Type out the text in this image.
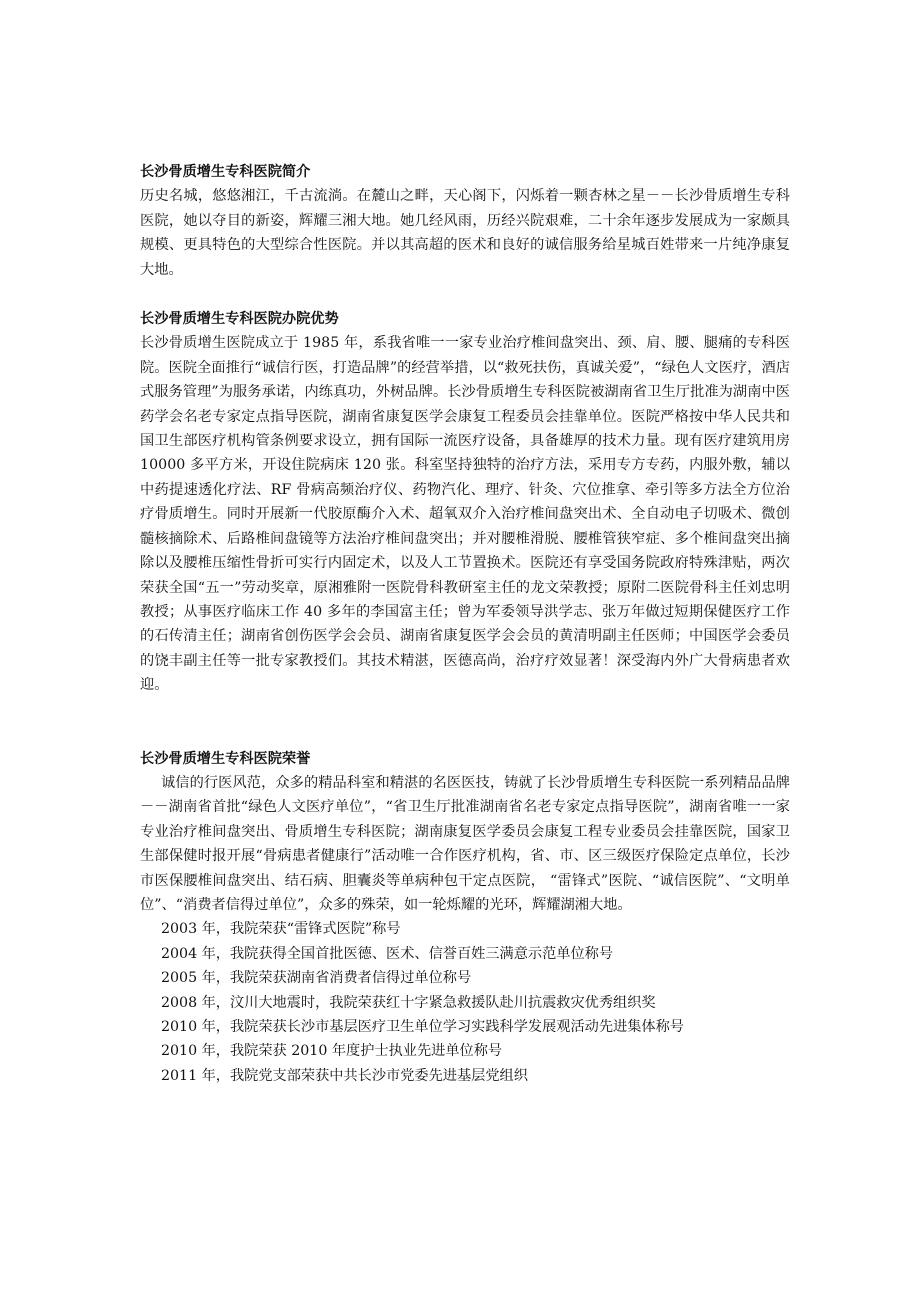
长沙骨质增生专科医院简介

历史名城，悠悠湘江，千古流淌。在麓山之畔，天心阁下，闪烁着一颗杏林之星－－长沙骨质增生专科医院，她以夺目的新姿，辉耀三湘大地。她几经风雨，历经兴院艰难，二十余年逐步发展成为一家颇具规模、更具特色的大型综合性医院。并以其高超的医术和良好的诚信服务给星城百姓带来一片纯净康复大地。

长沙骨质增生专科医院办院优势

长沙骨质增生医院成立于 1985 年，系我省唯一一家专业治疗椎间盘突出、颈、肩、腰、腿痛的专科医院。医院全面推行“诚信行医，打造品牌”的经营举措，以“救死扶伤，真诚关爱”，“绿色人文医疗，酒店式服务管理”为服务承诺，内练真功，外树品牌。长沙骨质增生专科医院被湖南省卫生厅批准为湖南中医药学会名老专家定点指导医院，湖南省康复医学会康复工程委员会挂靠单位。医院严格按中华人民共和国卫生部医疗机构管条例要求设立，拥有国际一流医疗设备，具备雄厚的技术力量。现有医疗建筑用房 10000 多平方米，开设住院病床 120 张。科室坚持独特的治疗方法，采用专方专药，内服外敷，辅以中药提速透化疗法、RF 骨病高频治疗仪、药物汽化、理疗、针灸、穴位推拿、牵引等多方法全方位治疗骨质增生。同时开展新一代胶原酶介入术、超氧双介入治疗椎间盘突出术、全自动电子切吸术、微创髓核摘除术、后路椎间盘镜等方法治疗椎间盘突出；并对腰椎滑脱、腰椎管狭窄症、多个椎间盘突出摘除以及腰椎压缩性骨折可实行内固定术，以及人工节置换术。医院还有享受国务院政府特殊津贴，两次荣获全国“五一”劳动奖章，原湘雅附一医院骨科教研室主任的龙文荣教授；原附二医院骨科主任刘忠明教授；从事医疗临床工作 40 多年的李国富主任；曾为军委领导洪学志、张万年做过短期保健医疗工作的石传清主任；湖南省创伤医学会会员、湖南省康复医学会会员的黄清明副主任医师；中国医学会委员的饶丰副主任等一批专家教授们。其技术精湛，医德高尚，治疗疗效显著！深受海内外广大骨病患者欢迎。

长沙骨质增生专科医院荣誉

诚信的行医风范，众多的精品科室和精湛的名医医技，铸就了长沙骨质增生专科医院一系列精品品牌－－湖南省首批“绿色人文医疗单位”，“省卫生厅批准湖南省名老专家定点指导医院”，湖南省唯一一家专业治疗椎间盘突出、骨质增生专科医院；湖南康复医学委员会康复工程专业委员会挂靠医院，国家卫生部保健时报开展“骨病患者健康行”活动唯一合作医疗机构，省、市、区三级医疗保险定点单位，长沙市医保腰椎间盘突出、结石病、胆囊炎等单病种包干定点医院， “雷锋式”医院、“诚信医院”、“文明单位”、“消费者信得过单位”，众多的殊荣，如一轮烁耀的光环，辉耀湖湘大地。

2003 年，我院荣获“雷锋式医院”称号
2004 年，我院获得全国首批医德、医术、信誉百姓三满意示范单位称号
2005 年，我院荣获湖南省消费者信得过单位称号
2008 年，汶川大地震时，我院荣获红十字紧急救援队赴川抗震救灾优秀组织奖
2010 年，我院荣获长沙市基层医疗卫生单位学习实践科学发展观活动先进集体称号
2010 年，我院荣获 2010 年度护士执业先进单位称号
2011 年，我院党支部荣获中共长沙市党委先进基层党组织
